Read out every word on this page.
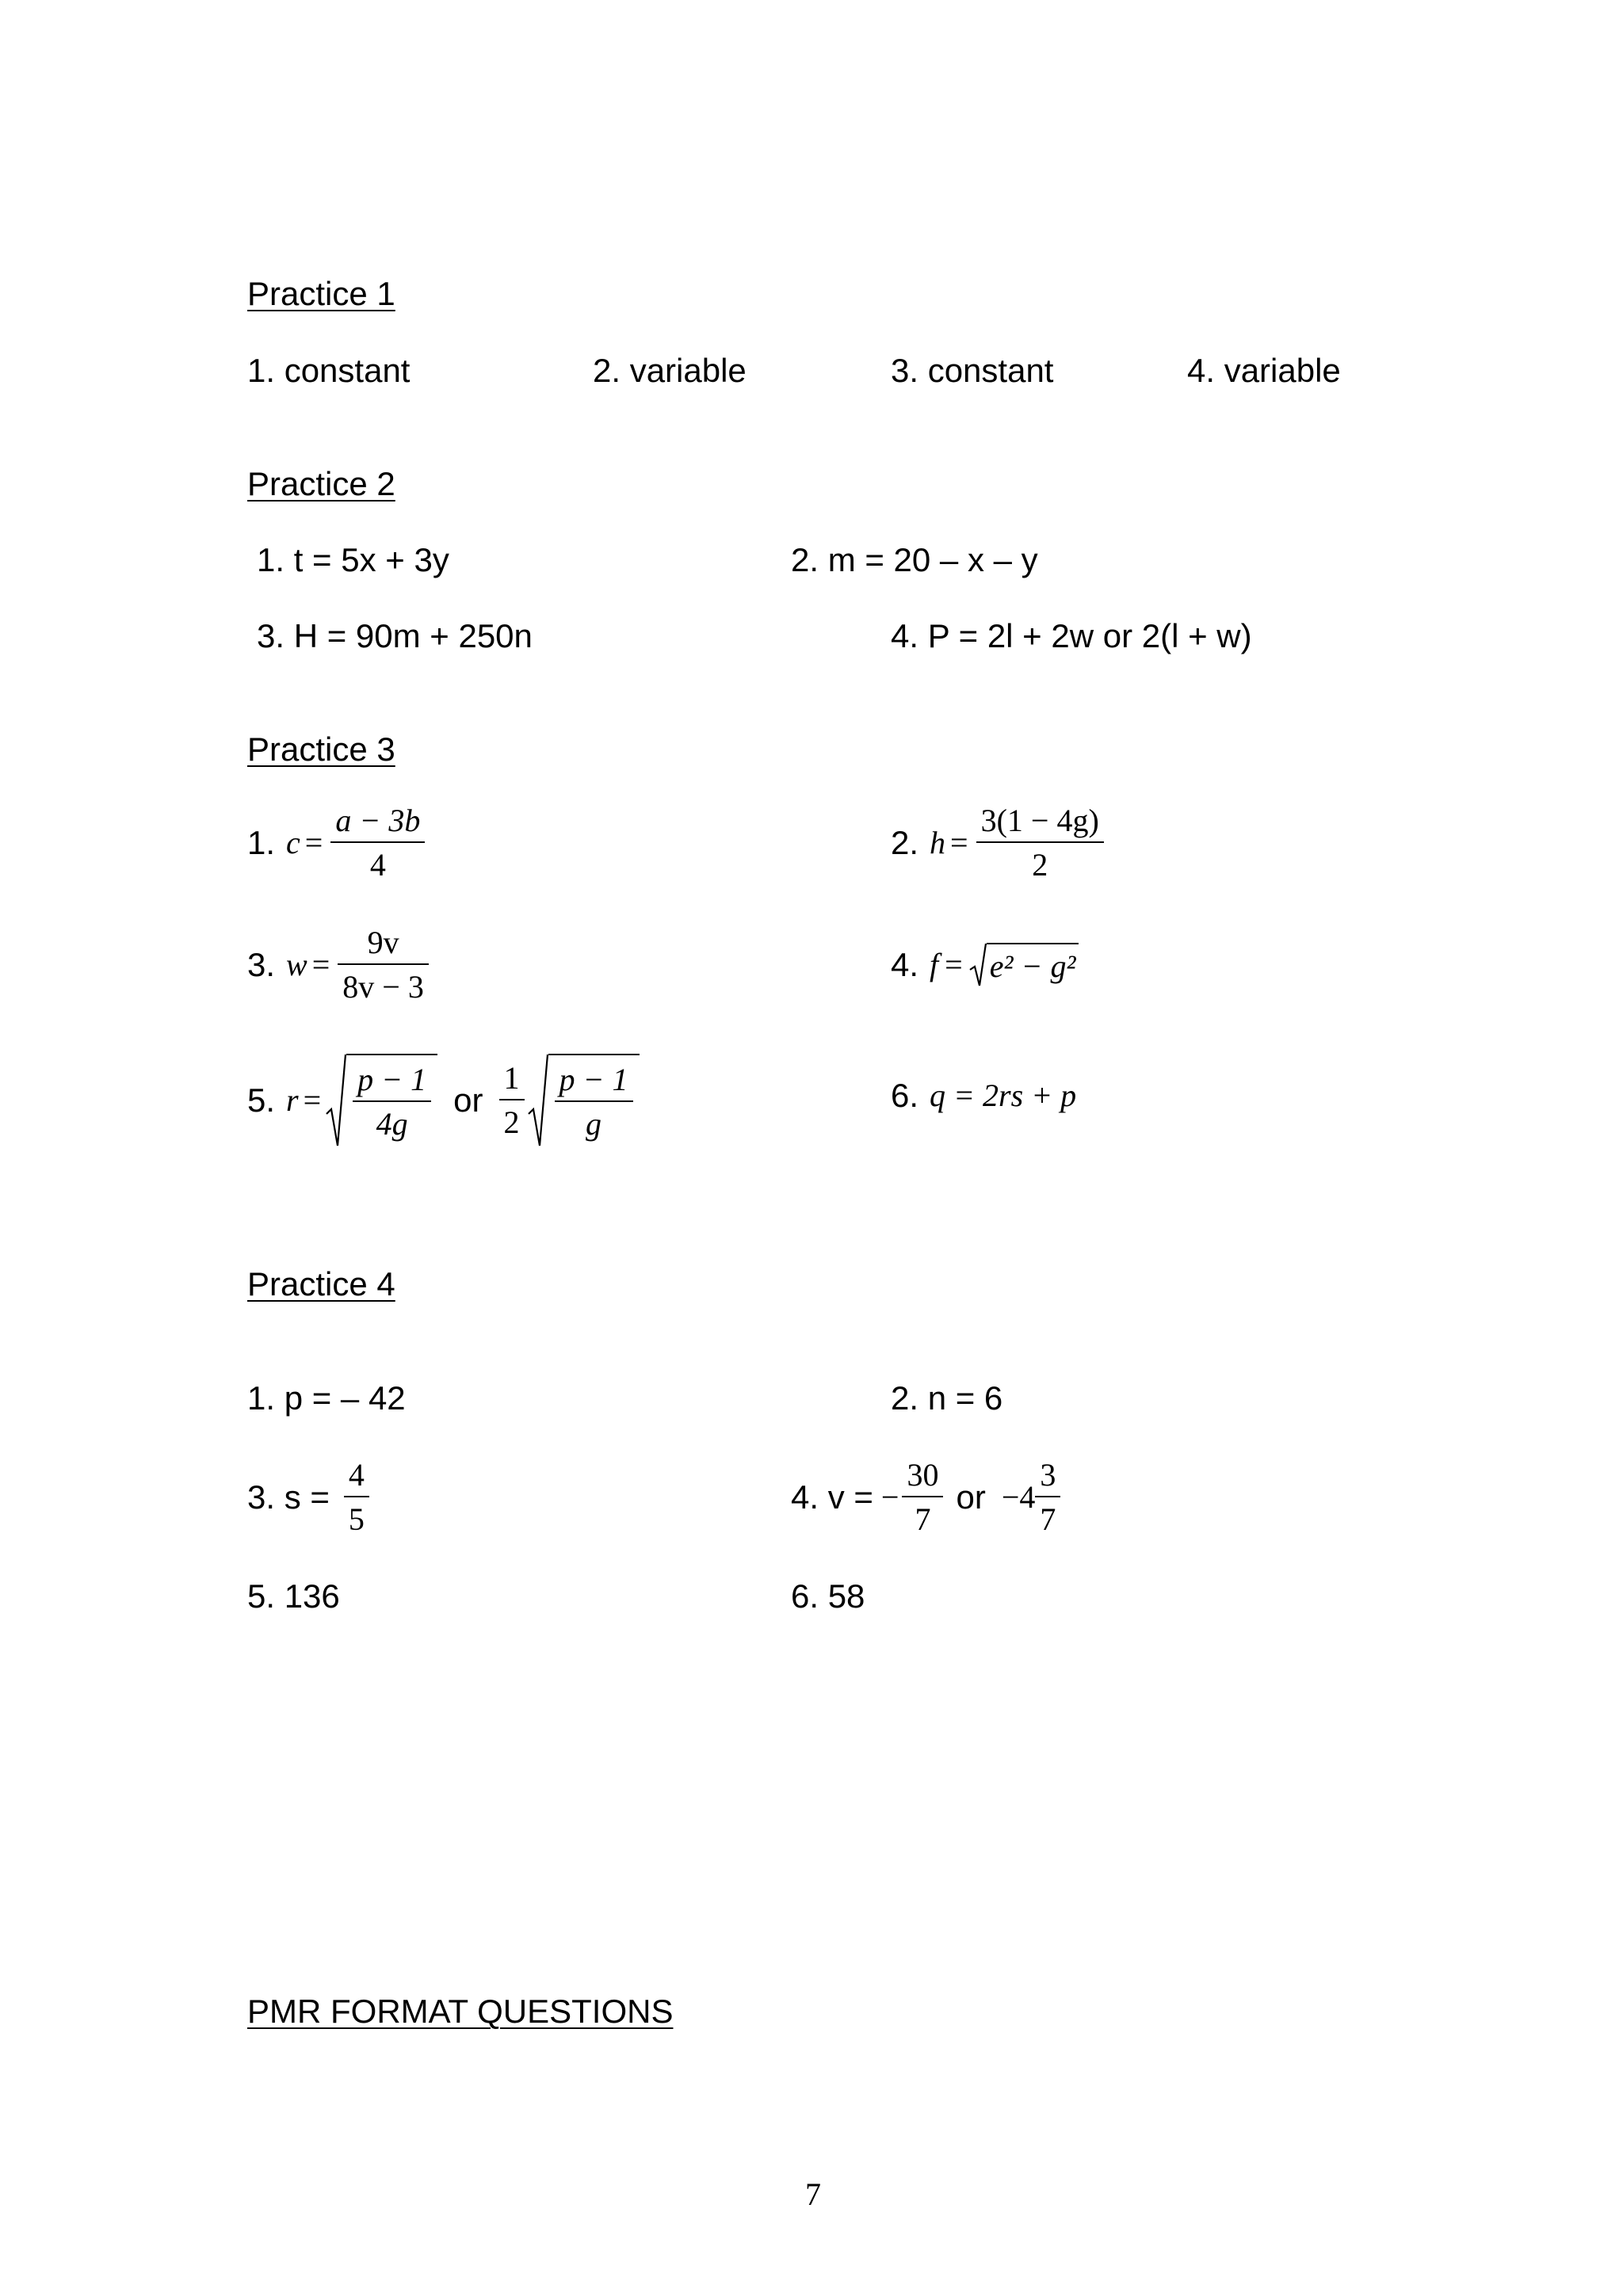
Practice 1
1. constant	2. variable	3. constant	4. variable
Practice 2
1. t = 5x + 3y	2. m = 20 – x – y
3. H = 90m + 250n	4. P = 2l + 2w or 2(l + w)
Practice 3
1. $c = \frac{a - 3b}{4}$	2. $h = \frac{3(1 - 4g)}{2}$
3. $w = \frac{9v}{8v - 3}$	4. f = e² − g²
5. $r = \frac{p - 1}{4g}$ or $\frac{1}{2} \frac{p - 1}{g}$	6. q = 2rs + p
Practice 4
1. p = – 42	2. n = 6
3. $s = \frac{4}{5}$	4. v = − $\frac{30}{7}$ or $-4 \frac{3}{7}$
5. 136	6. 58
PMR FORMAT QUESTIONS
7
